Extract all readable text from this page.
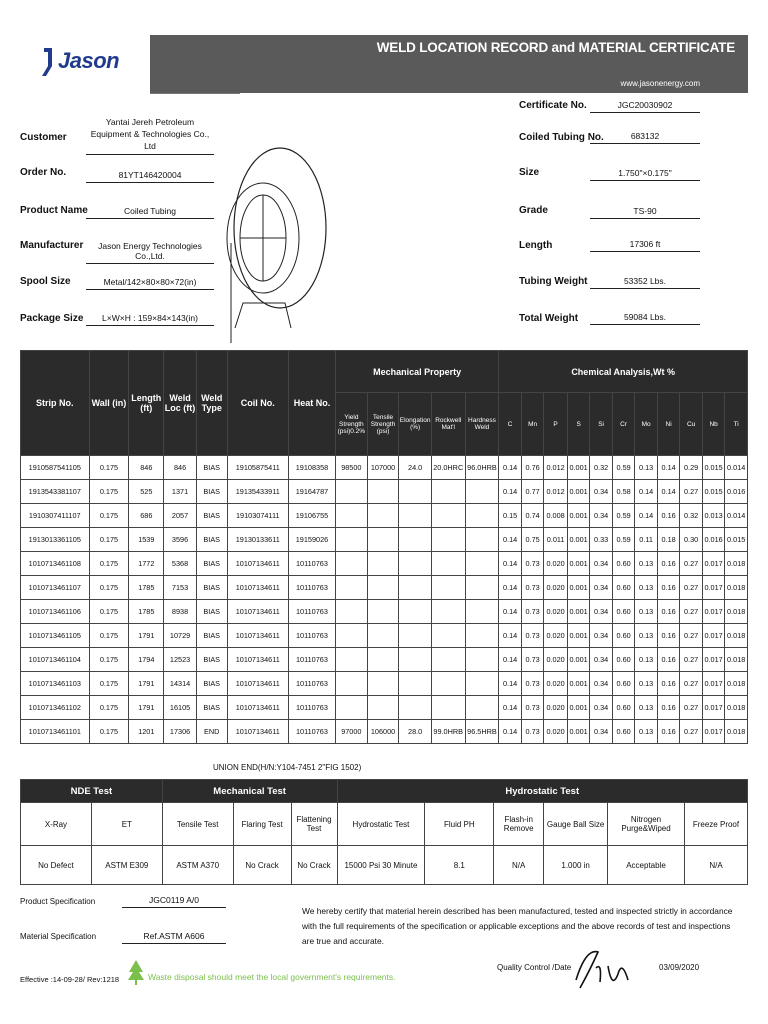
Jason
WELD LOCATION RECORD and MATERIAL CERTIFICATE
www.jasonenergy.com
Customer
Yantai Jereh Petroleum Equipment & Technologies Co., Ltd
Order No.	81YT146420004
Product Name	Coiled Tubing
Manufacturer	Jason Energy Technologies Co.,Ltd.
Spool Size	Metal/142×80×80×72(in)
Package Size	L×W×H : 159×84×143(in)
Certificate No.	JGC20030902
Coiled Tubing No.	683132
Size	1.750"×0.175"
Grade	TS-90
Length	17306 ft
Tubing Weight	53352 Lbs.
Total Weight	59084 Lbs.
Strip No.	Wall (in)	Length (ft)	Weld Loc (ft)	Weld Type	Coil No.	Heat No.	Mechanical Property					Chemical Analysis,Wt %										
							Yield Strength (psi)0.2%	Tensile Strength (psi)	Elongation (%)	Rockwell Mat'l	Hardness Weld	C	Mn	P	S	Si	Cr	Mo	Ni	Cu	Nb	Ti
1910587541105	0.175	846	846	BIAS	19105875411	19108358	98500	107000	24.0	20.0HRC	96.0HRB	0.14	0.76	0.012	0.001	0.32	0.59	0.13	0.14	0.29	0.015	0.014
1913543381107	0.175	525	1371	BIAS	19135433911	19164787						0.14	0.77	0.012	0.001	0.34	0.58	0.14	0.14	0.27	0.015	0.016
1910307411107	0.175	686	2057	BIAS	19103074111	19106755						0.15	0.74	0.008	0.001	0.34	0.59	0.14	0.16	0.32	0.013	0.014
1913013361105	0.175	1539	3596	BIAS	19130133611	19159026						0.14	0.75	0.011	0.001	0.33	0.59	0.11	0.18	0.30	0.016	0.015
1010713461108	0.175	1772	5368	BIAS	10107134611	10110763						0.14	0.73	0.020	0.001	0.34	0.60	0.13	0.16	0.27	0.017	0.018
1010713461107	0.175	1785	7153	BIAS	10107134611	10110763						0.14	0.73	0.020	0.001	0.34	0.60	0.13	0.16	0.27	0.017	0.018
1010713461106	0.175	1785	8938	BIAS	10107134611	10110763						0.14	0.73	0.020	0.001	0.34	0.60	0.13	0.16	0.27	0.017	0.018
1010713461105	0.175	1791	10729	BIAS	10107134611	10110763						0.14	0.73	0.020	0.001	0.34	0.60	0.13	0.16	0.27	0.017	0.018
1010713461104	0.175	1794	12523	BIAS	10107134611	10110763						0.14	0.73	0.020	0.001	0.34	0.60	0.13	0.16	0.27	0.017	0.018
1010713461103	0.175	1791	14314	BIAS	10107134611	10110763						0.14	0.73	0.020	0.001	0.34	0.60	0.13	0.16	0.27	0.017	0.018
1010713461102	0.175	1791	16105	BIAS	10107134611	10110763						0.14	0.73	0.020	0.001	0.34	0.60	0.13	0.16	0.27	0.017	0.018
1010713461101	0.175	1201	17306	END	10107134611	10110763	97000	106000	28.0	99.0HRB	96.5HRB	0.14	0.73	0.020	0.001	0.34	0.60	0.13	0.16	0.27	0.017	0.018
UNION END(H/N:Y104-7451 2"FIG 1502)
NDE Test		Mechanical Test			Hydrostatic Test					
X-Ray	ET	Tensile Test	Flaring Test	Flattening Test	Hydrostatic Test	Fluid PH	Flash-in Remove	Gauge Ball Size	Nitrogen Purge&Wiped	Freeze Proof
No Defect	ASTM E309	ASTM A370	No Crack	No Crack	15000 Psi 30 Minute	8.1	N/A	1.000 in	Acceptable	N/A
Product Specification	JGC0119 A/0
Material Specification	Ref.ASTM A606
We hereby certify that material herein described has been manufactured, tested and inspected strictly in accordance with the full requirements of the specification or applicable exceptions and the above records of test and inspections are true and accurate.
Quality Control /Date	03/09/2020
Effective :14-09-28/ Rev:1218	Waste disposal should meet the local government's requirements.
